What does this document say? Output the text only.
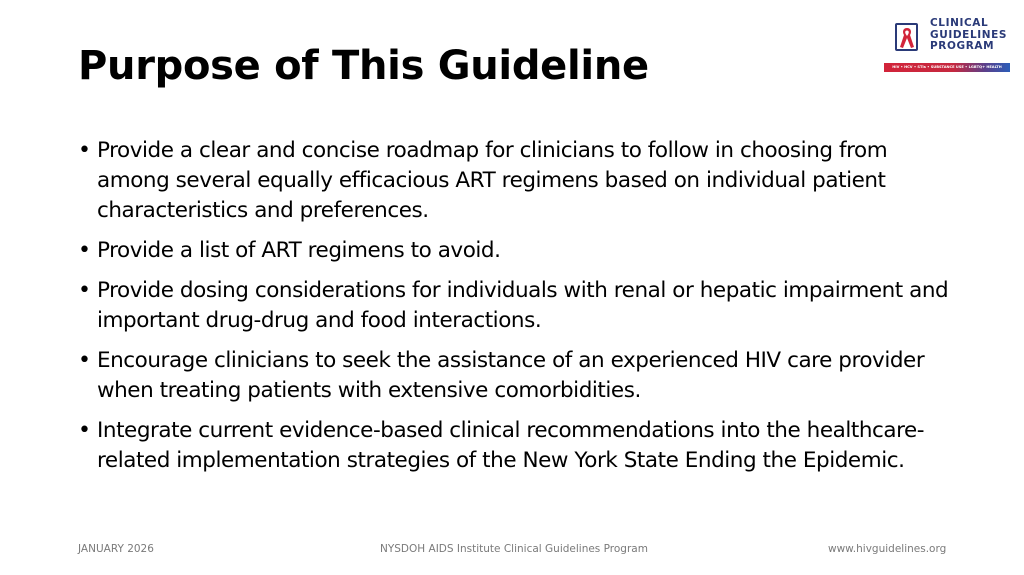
Purpose of This Guideline
CLINICAL
GUIDELINES
PROGRAM
HIV • HCV • STIs • SUBSTANCE USE • LGBTQ+ HEALTH
• Provide a clear and concise roadmap for clinicians to follow in choosing from among several equally efficacious ART regimens based on individual patient characteristics and preferences.
• Provide a list of ART regimens to avoid.
• Provide dosing considerations for individuals with renal or hepatic impairment and important drug-drug and food interactions.
• Encourage clinicians to seek the assistance of an experienced HIV care provider when treating patients with extensive comorbidities.
• Integrate current evidence-based clinical recommendations into the healthcare-related implementation strategies of the New York State Ending the Epidemic.
JANUARY 2026	NYSDOH AIDS Institute Clinical Guidelines Program	www.hivguidelines.org
